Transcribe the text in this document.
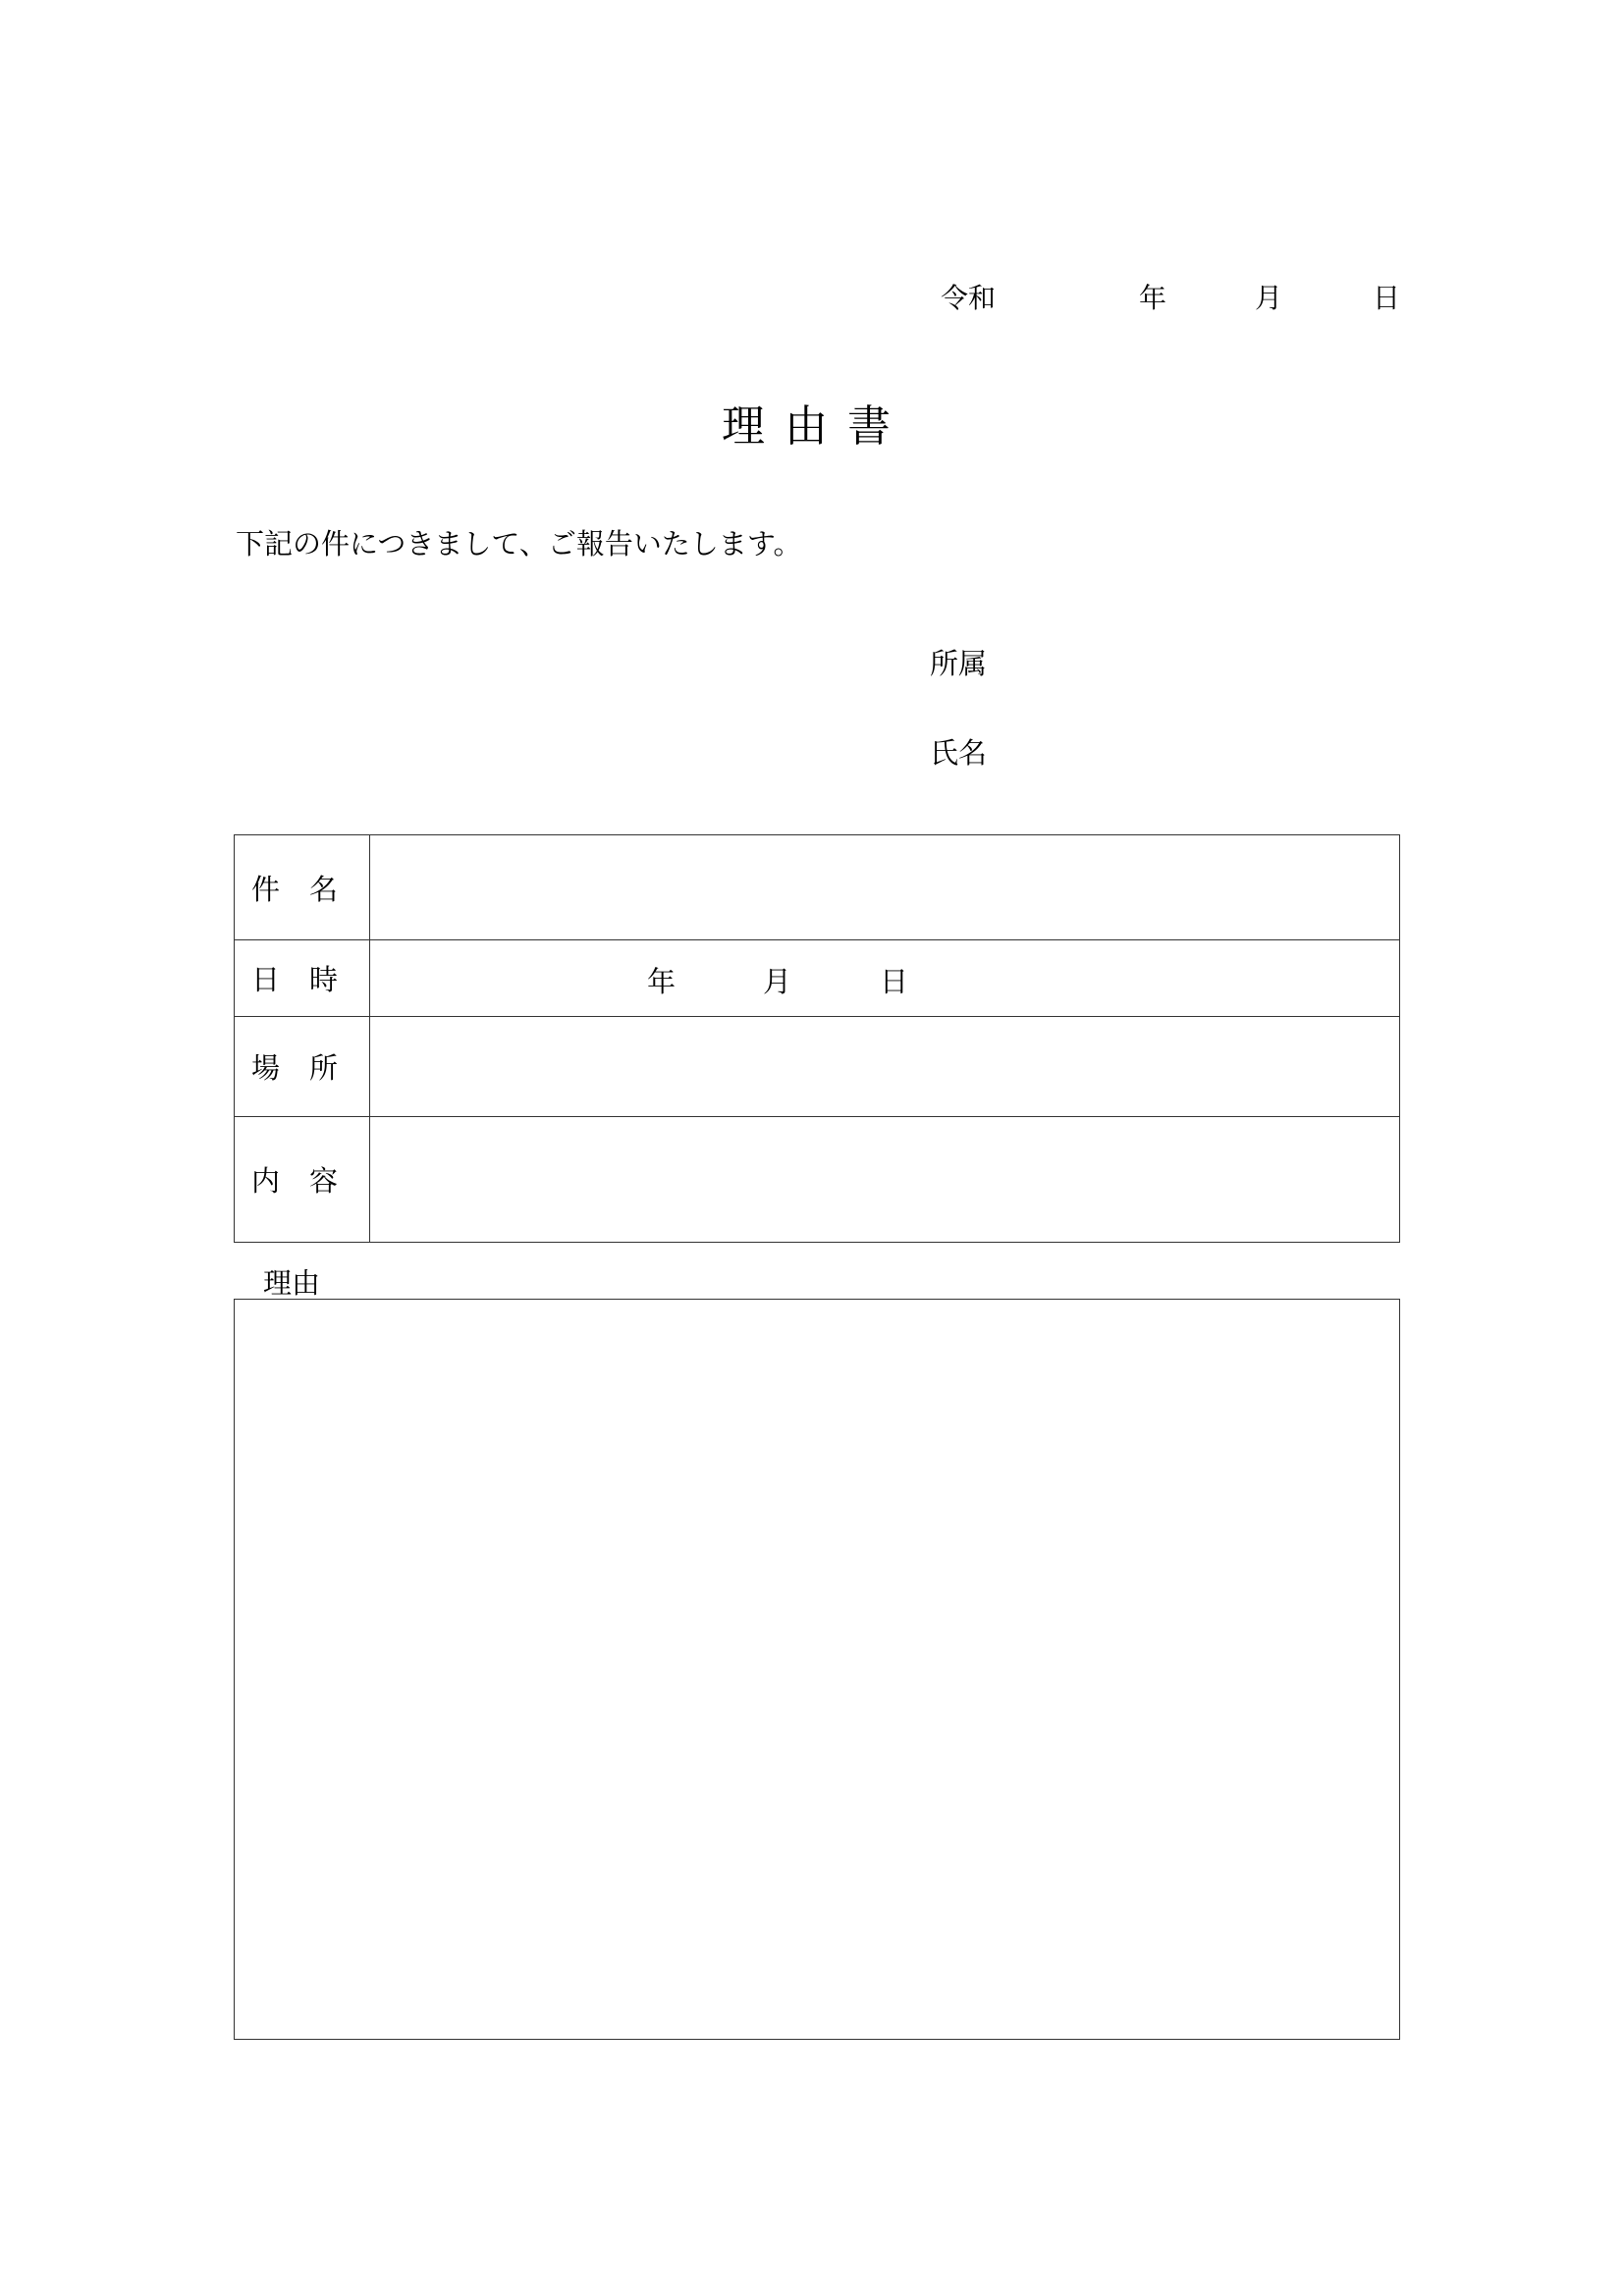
令和	年	月	日
理由書
下記の件につきまして、ご報告いたします。
所属
氏名
件名
日時	年	月	日
場所
内容
理由
